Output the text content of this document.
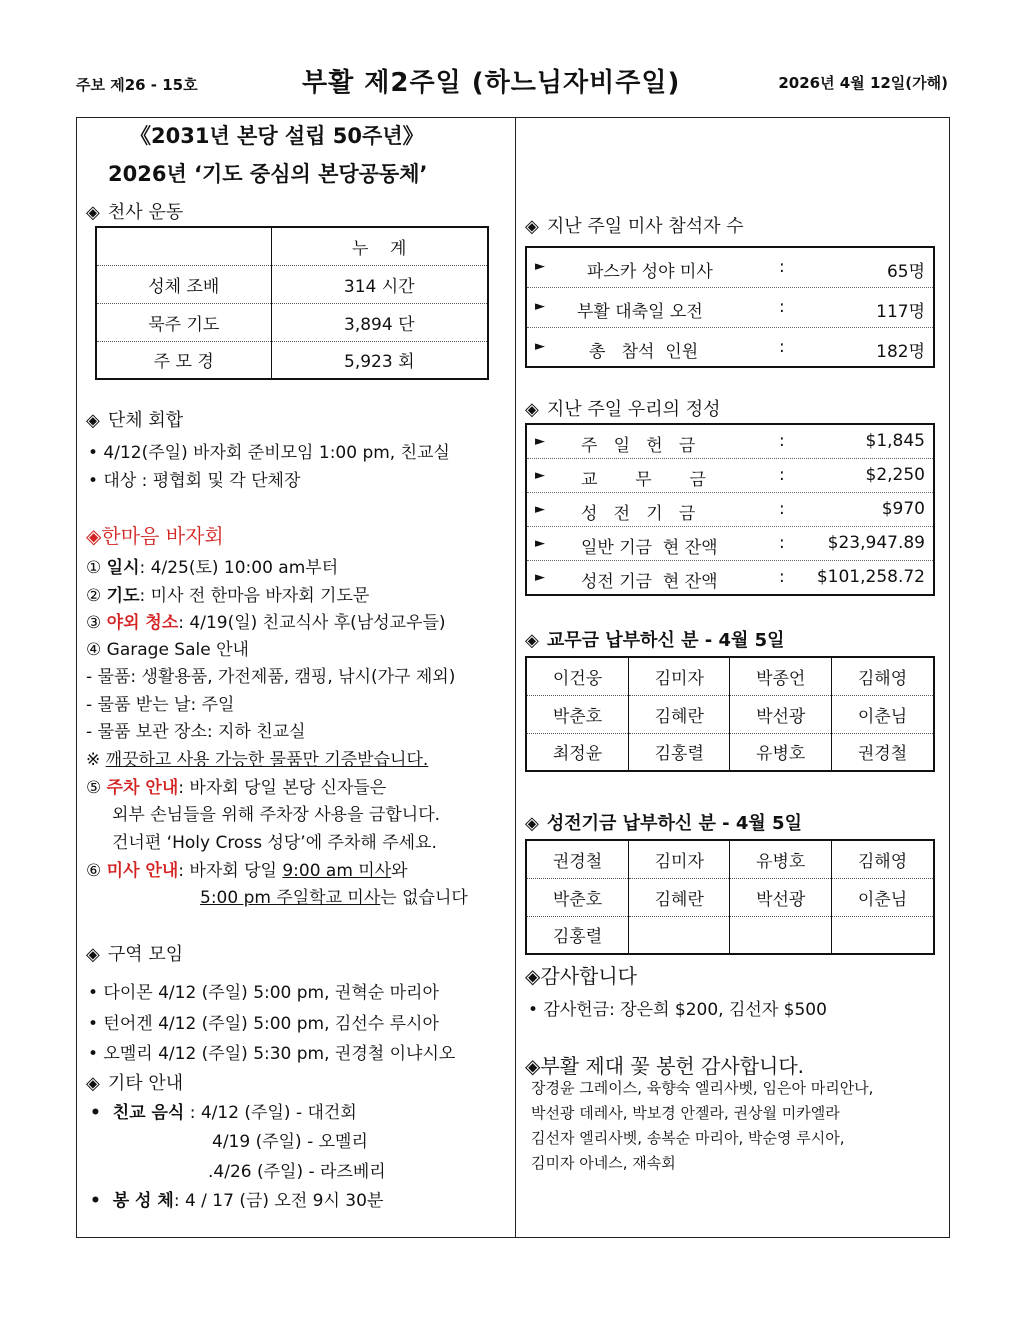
주보 제26 - 15호	부활 제2주일 (하느님자비주일)	2026년 4월 12일(가해)
《2031년 본당 설립 50주년》
2026년 ‘기도 중심의 본당공동체’
◈ 천사 운동
	누    계
성체 조배	314 시간
묵주 기도	3,894 단
주 모 경	5,923 회
◈ 단체 회합
• 4/12(주일) 바자회 준비모임 1:00 pm, 친교실
• 대상 : 평협회 및 각 단체장
◈한마음 바자회
① 일시: 4/25(토) 10:00 am부터
② 기도: 미사 전 한마음 바자회 기도문
③ 야외 청소: 4/19(일) 친교식사 후(남성교우들)
④ Garage Sale 안내
- 물품: 생활용품, 가전제품, 캠핑, 낚시(가구 제외)
- 물품 받는 날: 주일
- 물품 보관 장소: 지하 친교실
※ 깨끗하고 사용 가능한 물품만 기증받습니다.
⑤ 주차 안내: 바자회 당일 본당 신자들은
외부 손님들을 위해 주차장 사용을 금합니다.
건너편 ‘Holy Cross 성당’에 주차해 주세요.
⑥ 미사 안내: 바자회 당일 9:00 am 미사와
5:00 pm 주일학교 미사는 없습니다
◈ 구역 모임
• 다이몬 4/12 (주일) 5:00 pm, 권혁순 마리아
• 턴어겐 4/12 (주일) 5:00 pm, 김선수 루시아
• 오멜리 4/12 (주일) 5:30 pm, 권경철 이냐시오
◈ 기타 안내
•  친교 음식 : 4/12 (주일) - 대건회
4/19 (주일) - 오멜리
.4/26 (주일) - 라즈베리
•  봉 성 체: 4 / 17 (금) 오전 9시 30분
◈ 지난 주일 미사 참석자 수
► 파스카 성야 미사	:	65명
► 부활 대축일 오전	:	117명
►	총   참석  인원	:	182명
◈ 지난 주일 우리의 정성
► 주   일   헌   금	:	$1,845
► 교       무       금	:	$2,250
► 성   전   기   금	:	$970
► 일반 기금  현 잔액	:	$23,947.89
► 성전 기금  현 잔액	: $101,258.72
◈ 교무금 납부하신 분 - 4월 5일
이건웅	김미자	박종언	김해영
박춘호	김혜란	박선광	이춘님
최정윤	김홍렬	유병호	권경철
◈ 성전기금 납부하신 분 - 4월 5일
권경철	김미자	유병호	김해영
박춘호	김혜란	박선광	이춘님
김홍렬			
◈감사합니다
• 감사헌금: 장은희 $200, 김선자 $500
◈부활 제대 꽃 봉헌 감사합니다.
장경윤 그레이스, 육향숙 엘리사벳, 임은아 마리안나,
박선광 데레사, 박보경 안젤라, 권상월 미카엘라
김선자 엘리사벳, 송복순 마리아, 박순영 루시아,
김미자 아네스, 재속회
